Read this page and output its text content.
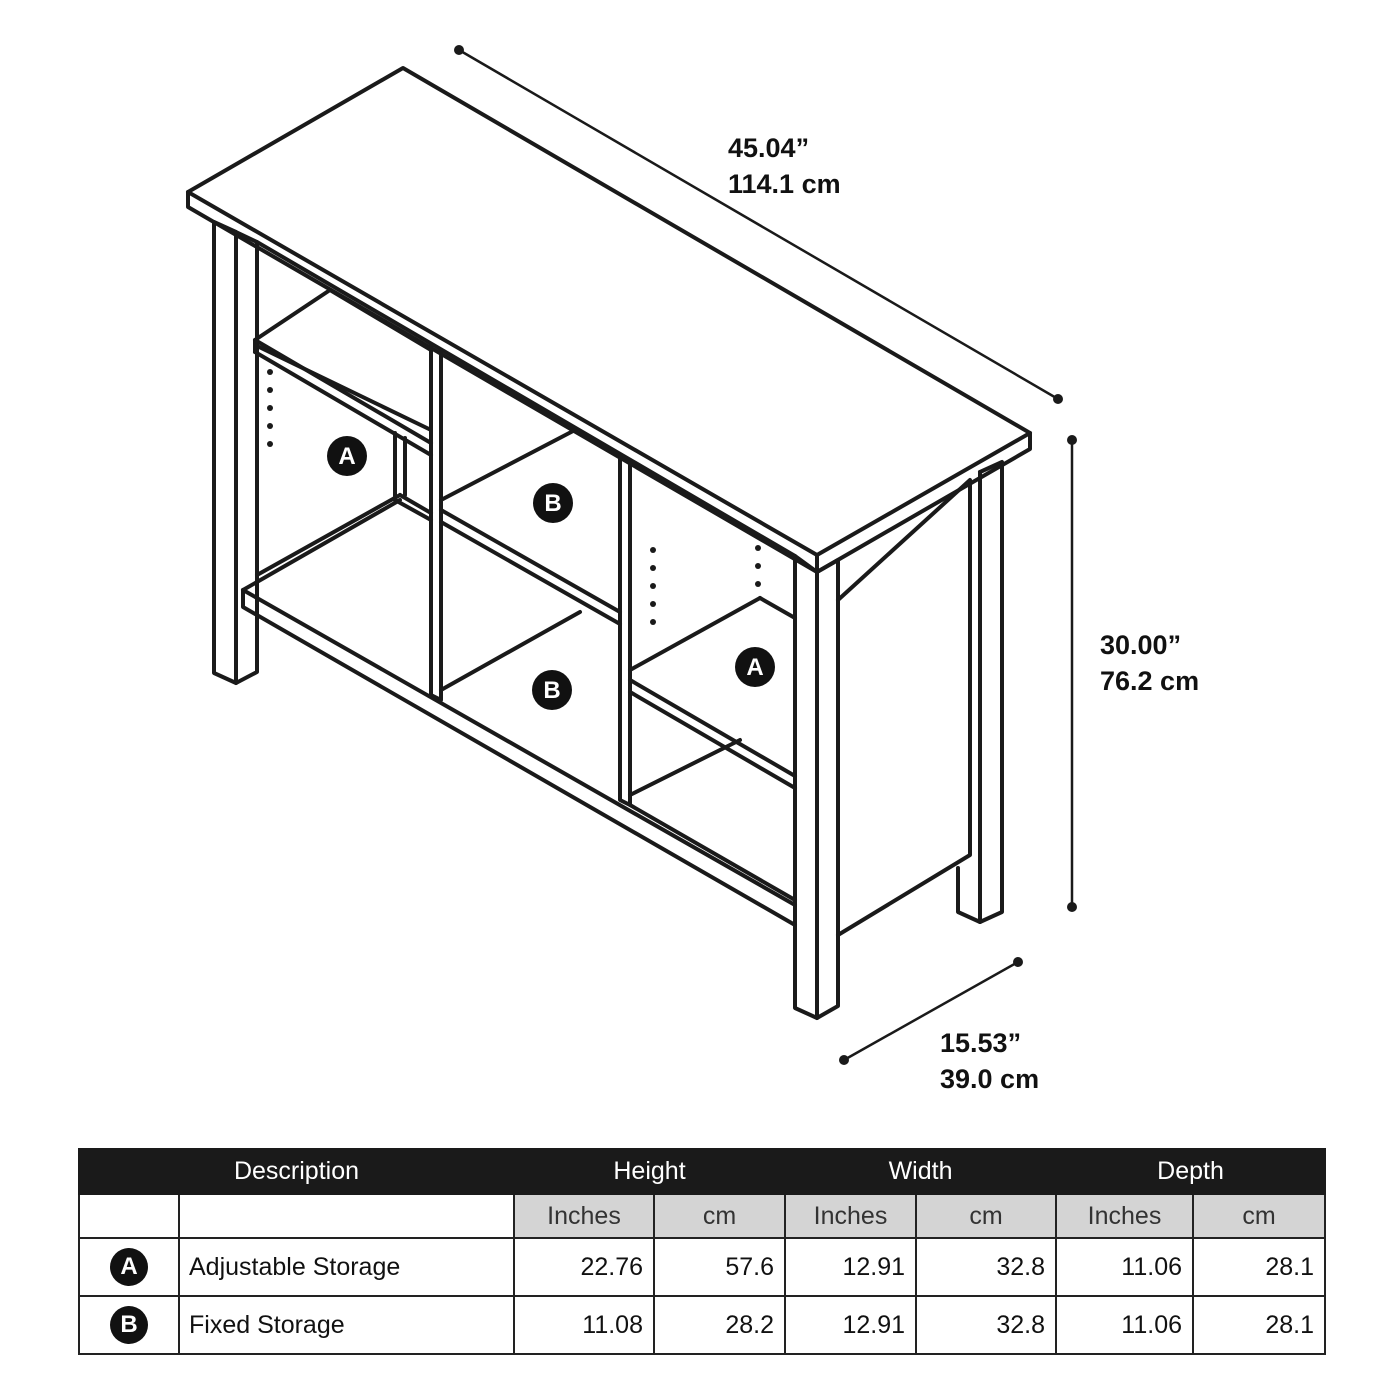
A
B
A
B
45.04”
114.1 cm
30.00”
76.2 cm
15.53”
39.0 cm
Description		Height		Width		Depth	
		Inches	cm	Inches	cm	Inches	cm
A	Adjustable Storage	22.76	57.6	12.91	32.8	11.06	28.1
B	Fixed Storage	11.08	28.2	12.91	32.8	11.06	28.1
